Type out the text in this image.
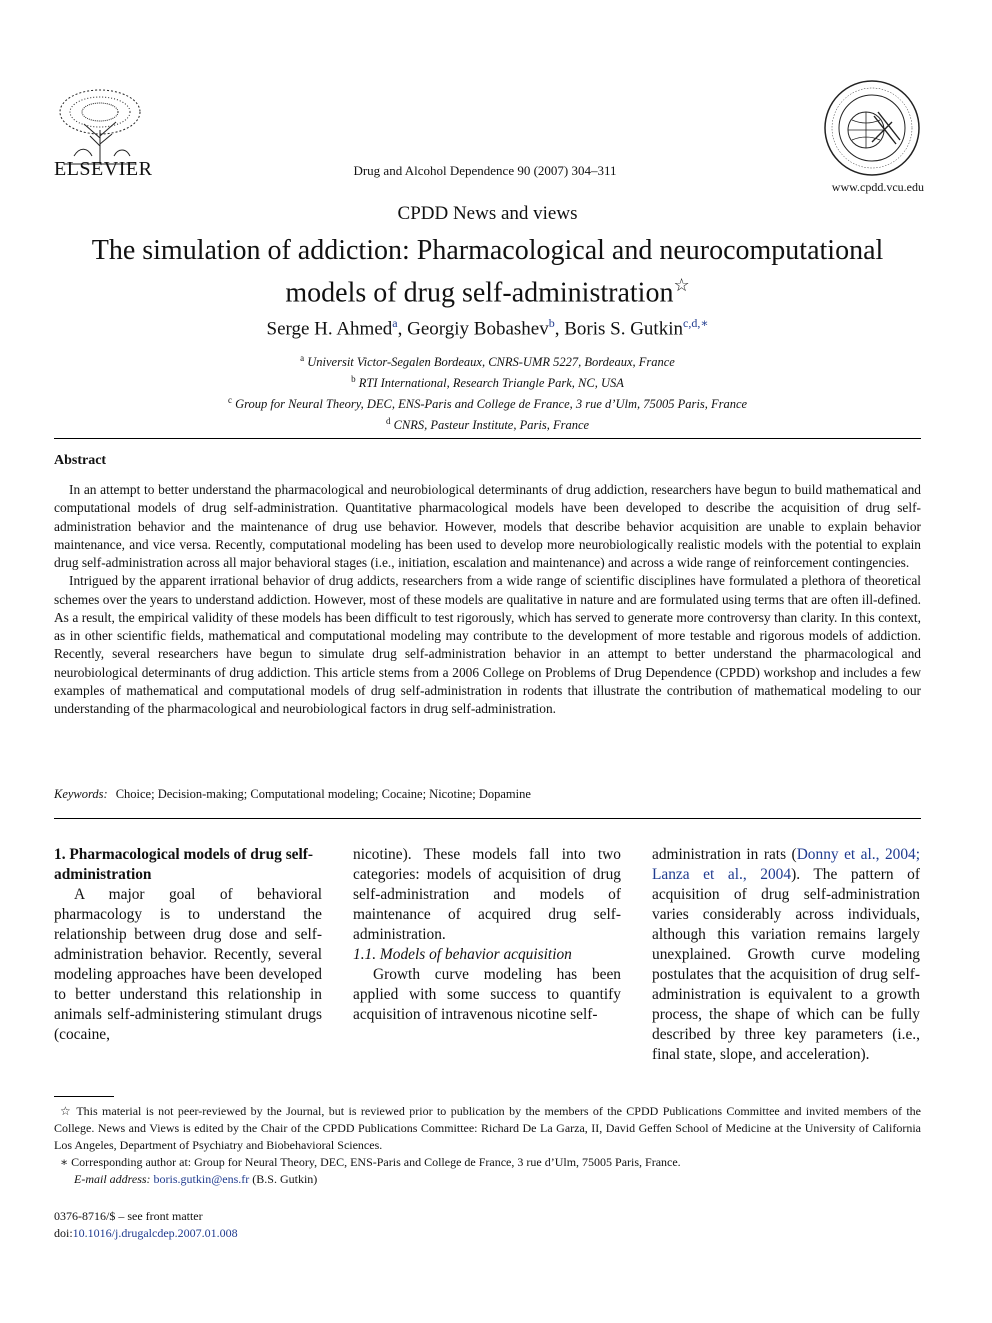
ELSEVIER	Drug and Alcohol Dependence 90 (2007) 304–311
www.cpdd.vcu.edu
CPDD News and views
The simulation of addiction: Pharmacological and neurocomputational
models of drug self-administration☆
Serge H. Ahmed$^a$, Georgiy Bobashev$^b$, Boris S. Gutkin$^{c,d,∗}$
$^a$ Universit Victor-Segalen Bordeaux, CNRS-UMR 5227, Bordeaux, France
$^b$ RTI International, Research Triangle Park, NC, USA
$^c$ Group for Neural Theory, DEC, ENS-Paris and College de France, 3 rue d’Ulm, 75005 Paris, France
$^d$ CNRS, Pasteur Institute, Paris, France
Abstract

In an attempt to better understand the pharmacological and neurobiological determinants of drug addiction, researchers have begun to build mathematical and computational models of drug self-administration. Quantitative pharmacological models have been developed to describe the acquisition of drug self-administration behavior and the maintenance of drug use behavior. However, models that describe behavior acquisition are unable to explain behavior maintenance, and vice versa. Recently, computational modeling has been used to develop more neurobiologically realistic models with the potential to explain drug self-administration across all major behavioral stages (i.e., initiation, escalation and maintenance) and across a wide range of reinforcement contingencies.

Intrigued by the apparent irrational behavior of drug addicts, researchers from a wide range of scientific disciplines have formulated a plethora of theoretical schemes over the years to understand addiction. However, most of these models are qualitative in nature and are formulated using terms that are often ill-defined. As a result, the empirical validity of these models has been difficult to test rigorously, which has served to generate more controversy than clarity. In this context, as in other scientific fields, mathematical and computational modeling may contribute to the development of more testable and rigorous models of addiction. Recently, several researchers have begun to simulate drug self-administration behavior in an attempt to better understand the pharmacological and neurobiological determinants of drug addiction. This article stems from a 2006 College on Problems of Drug Dependence (CPDD) workshop and includes a few examples of mathematical and computational models of drug self-administration in rodents that illustrate the contribution of mathematical modeling to our understanding of the pharmacological and neurobiological factors in drug self-administration.

Keywords: Choice; Decision-making; Computational modeling; Cocaine; Nicotine; Dopamine

1. Pharmacological models of drug self-administration

A major goal of behavioral pharmacology is to understand the relationship between drug dose and self-administration behavior. Recently, several modeling approaches have been developed to better understand this relationship in animals self-administering stimulant drugs (cocaine,

nicotine). These models fall into two categories: models of acquisition of drug self-administration and models of maintenance of acquired drug self-administration.

1.1. Models of behavior acquisition

Growth curve modeling has been applied with some success to quantify acquisition of intravenous nicotine self-

administration in rats (Donny et al., 2004; Lanza et al., 2004). The pattern of acquisition of drug self-administration varies considerably across individuals, although this variation remains largely unexplained. Growth curve modeling postulates that the acquisition of drug self-administration is equivalent to a growth process, the shape of which can be fully described by three key parameters (i.e., final state, slope, and acceleration).

☆ This material is not peer-reviewed by the Journal, but is reviewed prior to publication by the members of the CPDD Publications Committee and invited members of the College. News and Views is edited by the Chair of the CPDD Publications Committee: Richard De La Garza, II, David Geffen School of Medicine at the University of California Los Angeles, Department of Psychiatry and Biobehavioral Sciences.

∗ Corresponding author at: Group for Neural Theory, DEC, ENS-Paris and College de France, 3 rue d’Ulm, 75005 Paris, France.

E-mail address: boris.gutkin@ens.fr (B.S. Gutkin)

0376-8716/$ – see front matter
doi:10.1016/j.drugalcdep.2007.01.008
